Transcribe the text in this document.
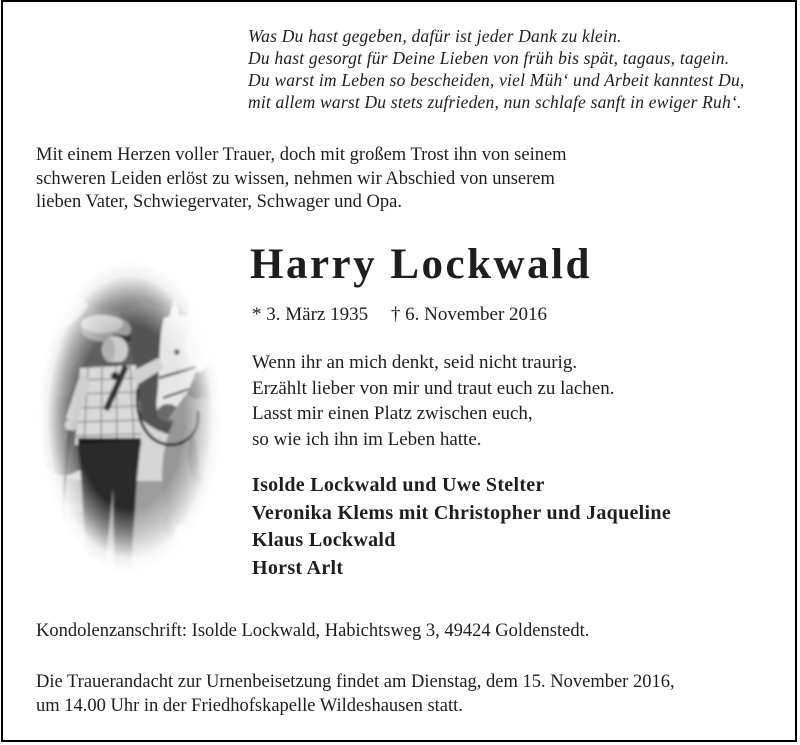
Was Du hast gegeben, dafür ist jeder Dank zu klein.
Du hast gesorgt für Deine Lieben von früh bis spät, tagaus, tagein.
Du warst im Leben so bescheiden, viel Müh‘ und Arbeit kanntest Du,
mit allem warst Du stets zufrieden, nun schlafe sanft in ewiger Ruh‘.
Mit einem Herzen voller Trauer, doch mit großem Trost ihn von seinem
schweren Leiden erlöst zu wissen, nehmen wir Abschied von unserem
lieben Vater, Schwiegervater, Schwager und Opa.
Harry Lockwald
* 3. März 1935 † 6. November 2016
Wenn ihr an mich denkt, seid nicht traurig.
Erzählt lieber von mir und traut euch zu lachen.
Lasst mir einen Platz zwischen euch,
so wie ich ihn im Leben hatte.
Isolde Lockwald und Uwe Stelter
Veronika Klems mit Christopher und Jaqueline
Klaus Lockwald
Horst Arlt
Kondolenzanschrift: Isolde Lockwald, Habichtsweg 3, 49424 Goldenstedt.
Die Trauerandacht zur Urnenbeisetzung findet am Dienstag, dem 15. November 2016,
um 14.00 Uhr in der Friedhofskapelle Wildeshausen statt.
